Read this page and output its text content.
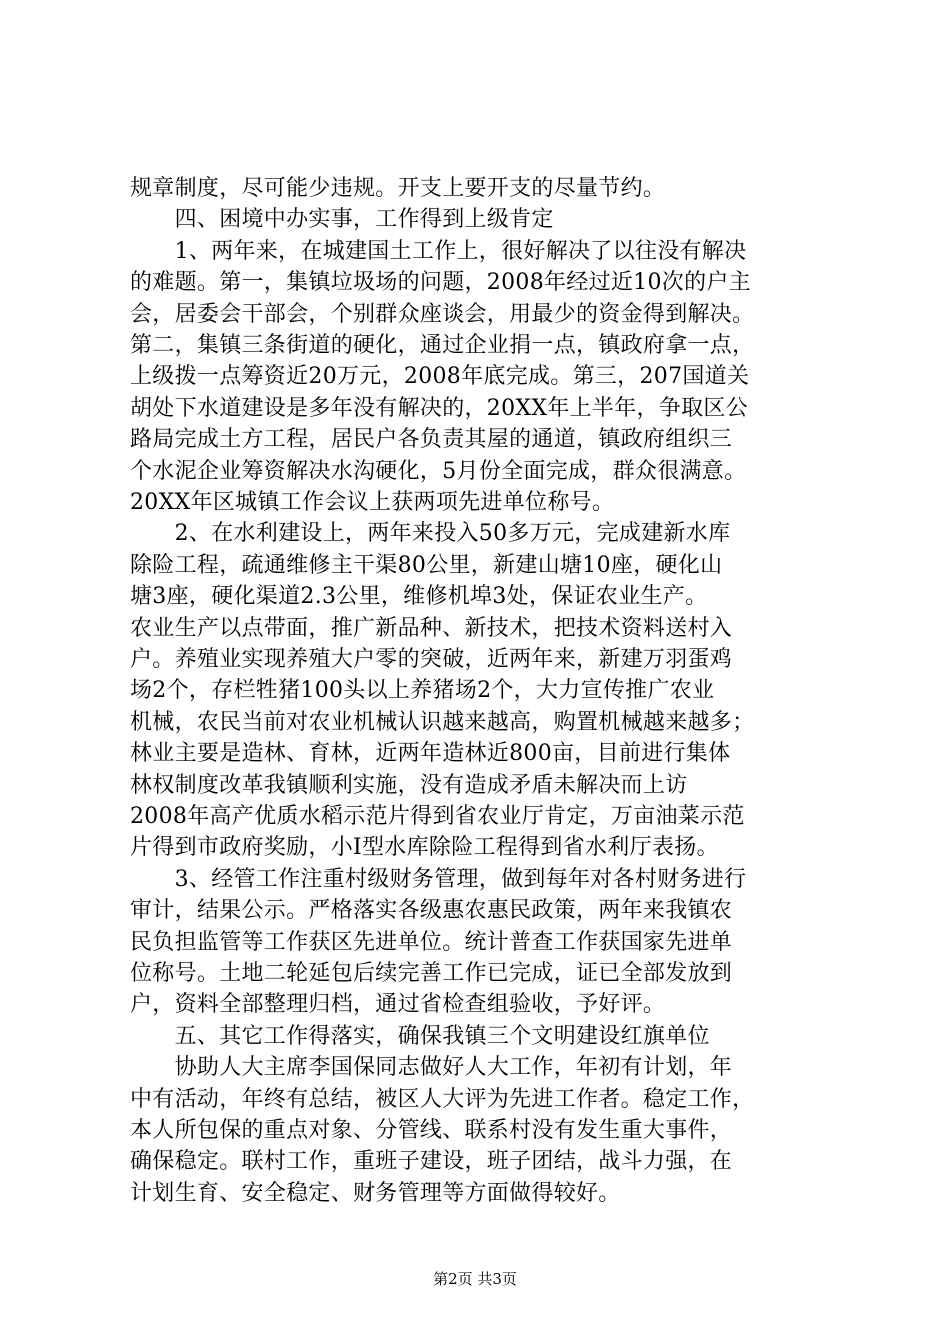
规章制度，尽可能少违规。开支上要开支的尽量节约。
　　四、困境中办实事，工作得到上级肯定
　　1、两年来，在城建国土工作上，很好解决了以往没有解决
的难题。第一，集镇垃圾场的问题，2008年经过近10次的户主
会，居委会干部会，个别群众座谈会，用最少的资金得到解决。
第二，集镇三条街道的硬化，通过企业捐一点，镇政府拿一点，
上级拨一点筹资近20万元，2008年底完成。第三，207国道关
胡处下水道建设是多年没有解决的，20XX年上半年，争取区公
路局完成土方工程，居民户各负责其屋的通道，镇政府组织三
个水泥企业筹资解决水沟硬化，5月份全面完成，群众很满意。
20XX年区城镇工作会议上获两项先进单位称号。
　　2、在水利建设上，两年来投入50多万元，完成建新水库
除险工程，疏通维修主干渠80公里，新建山塘10座，硬化山
塘3座，硬化渠道2.3公里，维修机埠3处，保证农业生产。
农业生产以点带面，推广新品种、新技术，把技术资料送村入
户。养殖业实现养殖大户零的突破，近两年来，新建万羽蛋鸡
场2个，存栏牲猪100头以上养猪场2个，大力宣传推广农业
机械，农民当前对农业机械认识越来越高，购置机械越来越多；
林业主要是造林、育林，近两年造林近800亩，目前进行集体
林权制度改革我镇顺利实施，没有造成矛盾未解决而上访
2008年高产优质水稻示范片得到省农业厅肯定，万亩油菜示范
片得到市政府奖励，小Ⅰ型水库除险工程得到省水利厅表扬。
　　3、经管工作注重村级财务管理，做到每年对各村财务进行
审计，结果公示。严格落实各级惠农惠民政策，两年来我镇农
民负担监管等工作获区先进单位。统计普查工作获国家先进单
位称号。土地二轮延包后续完善工作已完成，证已全部发放到
户，资料全部整理归档，通过省检查组验收，予好评。
　　五、其它工作得落实，确保我镇三个文明建设红旗单位
　　协助人大主席李国保同志做好人大工作，年初有计划，年
中有活动，年终有总结，被区人大评为先进工作者。稳定工作，
本人所包保的重点对象、分管线、联系村没有发生重大事件，
确保稳定。联村工作，重班子建设，班子团结，战斗力强，在
计划生育、安全稳定、财务管理等方面做得较好。
第2页 共3页
